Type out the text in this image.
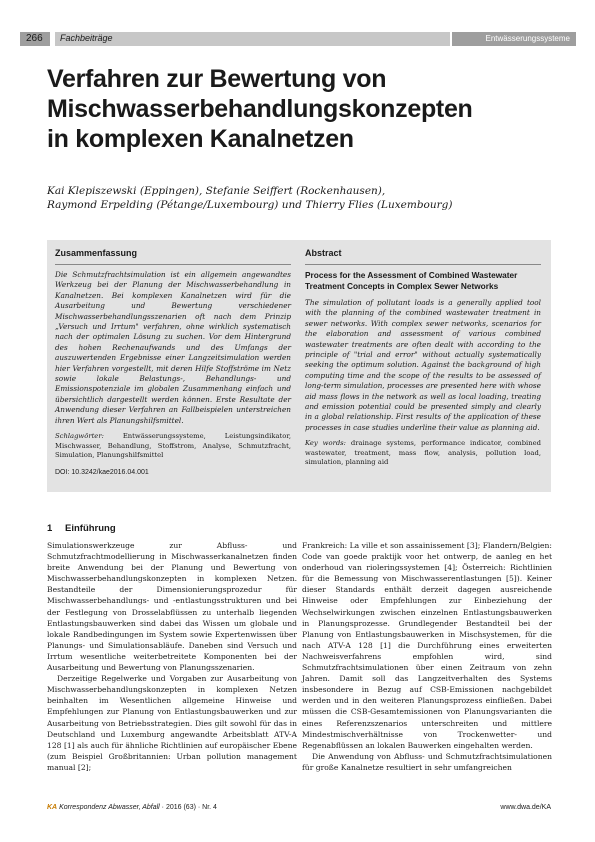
266 Fachbeiträge	Entwässerungssysteme
Verfahren zur Bewertung von
Mischwasserbehandlungskonzepten
in komplexen Kanalnetzen
Kai Klepiszewski (Eppingen), Stefanie Seiffert (Rockenhausen),
Raymond Erpelding (Pétange/Luxembourg) und Thierry Flies (Luxembourg)
Zusammenfassung
Die Schmutzfrachtsimulation ist ein allgemein angewandtes Werkzeug bei der Planung der Mischwasserbehandlung in Kanalnetzen. Bei komplexen Kanalnetzen wird für die Ausarbeitung und Bewertung verschiedener Mischwasserbehandlungsszenarien oft nach dem Prinzip „Versuch und Irrtum" verfahren, ohne wirklich systematisch nach der optimalen Lösung zu suchen. Vor dem Hintergrund des hohen Rechenaufwands und des Umfangs der auszuwertenden Ergebnisse einer Langzeitsimulation werden hier Verfahren vorgestellt, mit deren Hilfe Stoffströme im Netz sowie lokale Belastungs-, Behandlungs- und Emissionspotenziale im globalen Zusammenhang einfach und übersichtlich dargestellt werden können. Erste Resultate der Anwendung dieser Verfahren an Fallbeispielen unterstreichen ihren Wert als Planungshilfsmittel.
Schlagwörter:	Entwässerungssysteme, Leistungsindikator, Mischwasser, Behandlung, Stoffstrom, Analyse, Schmutzfracht, Simulation, Planungshilfsmittel
DOI: 10.3242/kae2016.04.001
Abstract
Process for the Assessment of Combined Wastewater Treatment Concepts in Complex Sewer Networks
The simulation of pollutant loads is a generally applied tool with the planning of the combined wastewater treatment in sewer networks. With complex sewer networks, scenarios for the elaboration and assessment of various combined wastewater treatments are often dealt with according to the principle of "trial and error" without actually systematically seeking the optimum solution. Against the background of high computing time and the scope of the results to be assessed of long-term simulation, processes are presented here with whose aid mass flows in the network as well as local loading, treating and emission potential could be presented simply and clearly in a global relationship. First results of the application of these processes in case studies underline their value as planning aid.
Key words: drainage systems, performance indicator, combined wastewater, treatment, mass flow, analysis, pollution load, simulation, planning aid
1 Einführung

Simulationswerkzeuge zur Abfluss- und Schmutzfrachtmodellierung in Mischwasserkanalnetzen finden breite Anwendung bei der Planung und Bewertung von Mischwasserbehandlungskonzepten in komplexen Netzen. Bestandteile der Dimensionierungsprozedur für Mischwasserbehandlungs- und -entlastungsstrukturen und bei der Festlegung von Drosselabflüssen zu unterhalb liegenden Entlastungsbauwerken sind dabei das Wissen um globale und lokale Randbedingungen im System sowie Expertenwissen über Planungs- und Simulationsabläufe. Daneben sind Versuch und Irrtum wesentliche weiterbetreitete Komponenten bei der Ausarbeitung und Bewertung von Planungsszenarien.

Derzeitige Regelwerke und Vorgaben zur Ausarbeitung von Mischwasserbehandlungskonzepten in komplexen Netzen beinhalten im Wesentlichen allgemeine Hinweise und Empfehlungen zur Planung von Entlastungsbauwerken und zur Ausarbeitung von Betriebsstrategien. Dies gilt sowohl für das in Deutschland und Luxemburg angewandte Arbeitsblatt ATV-A 128 [1] als auch für ähnliche Richtlinien auf europäischer Ebene (zum Beispiel Großbritannien: Urban pollution management manual [2];

Frankreich: La ville et son assainissement [3]; Flandern/Belgien: Code van goede praktijk voor het ontwerp, de aanleg en het onderhoud van rioleringssystemen [4]; Österreich: Richtlinien für die Bemessung von Mischwasserentlastungen [5]). Keiner dieser Standards enthält derzeit dagegen ausreichende Hinweise oder Empfehlungen zur Einbeziehung der Wechselwirkungen zwischen einzelnen Entlastungsbauwerken in Planungsprozesse. Grundlegender Bestandteil bei der Planung von Entlastungsbauwerken in Mischsystemen, für die nach ATV-A 128 [1] die Durchführung eines erweiterten Nachweisverfahrens empfohlen wird, sind Schmutzfrachtsimulationen über einen Zeitraum von zehn Jahren. Damit soll das Langzeitverhalten des Systems insbesondere in Bezug auf CSB-Emissionen nachgebildet werden und in den weiteren Planungsprozess einfließen. Dabei müssen die CSB-Gesamtemissionen von Planungsvarianten die eines Referenzszenarios unterschreiten und mittlere Mindestmischverhältnisse von Trockenwetter- und Regenabflüssen an lokalen Bauwerken eingehalten werden.

Die Anwendung von Abfluss- und Schmutzfrachtsimulationen für große Kanalnetze resultiert in sehr umfangreichen

KA Korrespondenz Abwasser, Abfall · 2016 (63) · Nr. 4	www.dwa.de/KA
